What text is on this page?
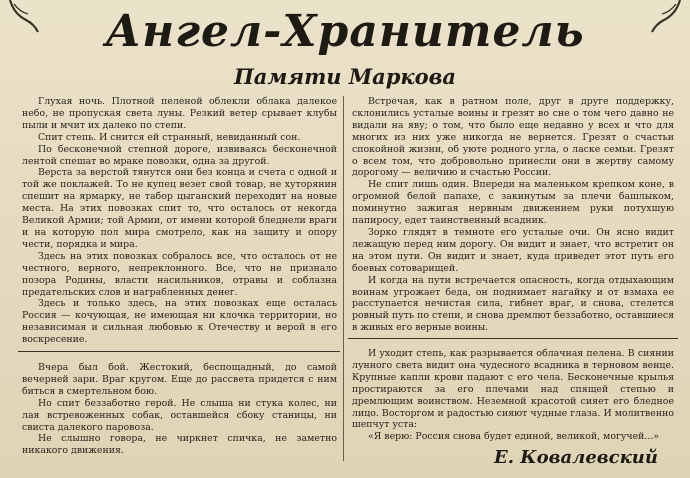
Ангел-Хранитель
Памяти Маркова

Глухая ночь. Плотной пеленой облекли облака далекое небо, не пропуская света луны. Резкий ветер срывает клубы пыли и мчит их далеко по степи.

Спит степь. И снится ей странный, невиданный сон.

По бесконечной степной дороге, извиваясь бесконечной лентой спешат во мраке повозки, одна за другой.

Верста за верстой тянутся они без конца и счета с одной и той же поклажей. То не купец везет свой товар, не хуторянин спешит на ярмарку, не табор цыганский переходит на новые места. На этих повозках спит то, что осталось от некогда Великой Армии; той Армии, от имени которой бледнели враги и на которую пол мира смотрело, как на защиту и опору чести, порядка и мира.

Здесь на этих повозках собралось все, что осталось от не честного, верного, непреклонного. Все, что не признало позора Родины, власти насильников, отравы и соблазна предательских слов и награбленных денег.

Здесь и только здесь, на этих повозках еще осталась Россия — кочующая, не имеющая ни клочка территории, но независимая и сильная любовью к Отечеству и верой в его воскресение.

Вчера был бой. Жестокий, беспощадный, до самой вечерней зари. Враг кругом. Еще до рассвета придется с ним биться в смертельном бою.

Но спит беззаботно герой. Не слыша ни стука колес, ни лая встревоженных собак, оставшейся сбоку станицы, ни свиста далекого паровоза.

Не слышно говора, не чиркнет спичка, не заметно никакого движения.

Встречая, как в ратном поле, друг в друге поддержку, склонились усталые воины и грезят во сне о том чего давно не видали на яву; о том, что было еще недавно у всех и что для многих из них уже никогда не вернется. Грезят о счастьи спокойной жизни, об уюте родного угла, о ласке семьи. Грезят о всем том, что добровольно принесли они в жертву самому дорогому — величию и счастью России.

Не спит лишь один. Впереди на маленьком крепком коне, в огромной белой папахе, с закинутым за плечи башлыком, поминутно зажигая нервным движением руки потухшую папиросу, едет таинственный всадник.

Зорко глядят в темноте его усталые очи. Он ясно видит лежащую перед ним дорогу. Он видит и знает, что встретит он на этом пути. Он видит и знает, куда приведет этот путь его боевых сотоварищей.

И когда на пути встречается опасность, когда отдыхающим воинам угрожает беда, он поднимает нагайку и от взмаха ее расступается нечистая сила, гибнет враг, и снова, стелется ровный путь по степи, и снова дремлют беззаботно, оставшиеся в живых его верные воины.

И уходит степь, как разрывается облачная пелена. В сиянии лунного света видит она чудесного всадника в терновом венце. Крупные капли крови падают с его чела. Бесконечные крылья простираются за его плечами над спящей степью и дремлющим воинством. Неземной красотой сияет его бледное лицо. Восторгом и радостью сияют чудные глаза. И молитвенно шепчут уста:

«Я верю: Россия снова будет единой, великой, могучей...»

Е. Ковалевский
